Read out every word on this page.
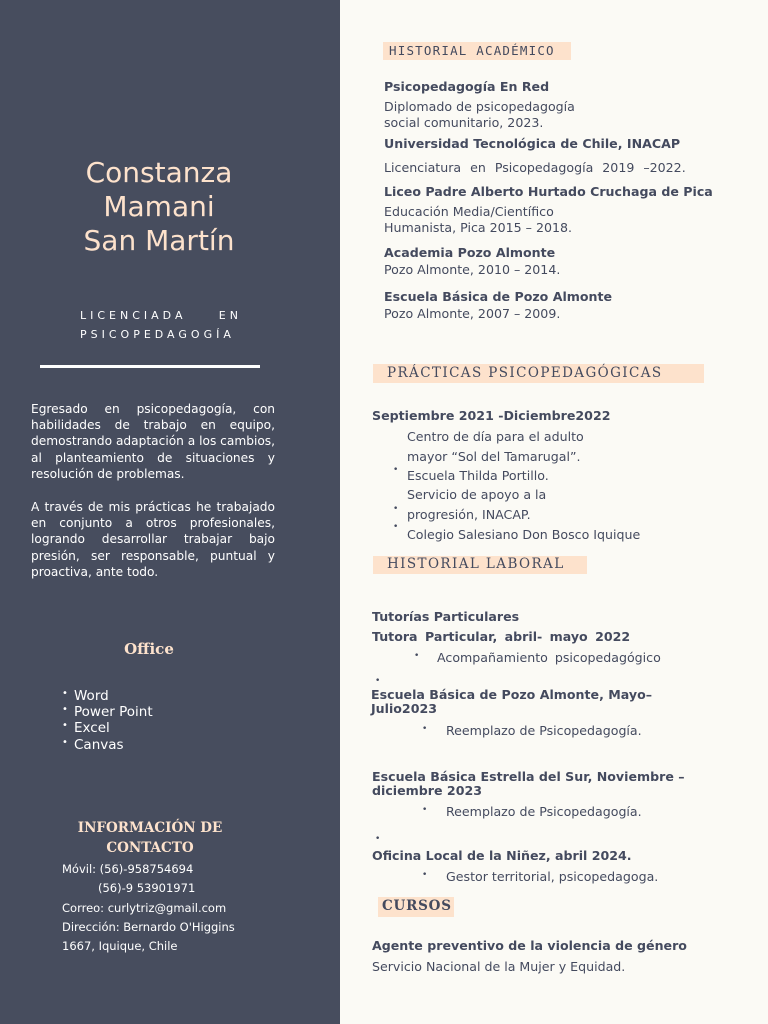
Constanza
Mamani
San Martín
LICENCIADA EN
PSICOPEDAGOGÍA

Egresado en psicopedagogía, con habilidades de trabajo en equipo, demostrando adaptación a los cambios, al planteamiento de situaciones y resolución de problemas.

A través de mis prácticas he trabajado en conjunto a otros profesionales, logrando desarrollar trabajar bajo presión, ser responsable, puntual y proactiva, ante todo.

Office
• Word
• Power Point
• Excel
• Canvas
INFORMACIÓN DE
CONTACTO
Móvil: (56)-958754694
(56)-9 53901971
Correo: curlytriz@gmail.com
Dirección: Bernardo O'Higgins
1667, Iquique, Chile
HISTORIAL ACADÉMICO
Psicopedagogía En Red
Diplomado de psicopedagogía
social comunitario, 2023.
Universidad Tecnológica de Chile, INACAP
Licenciatura en Psicopedagogía 2019 –2022.
Liceo Padre Alberto Hurtado Cruchaga de Pica
Educación Media/Científico
Humanista, Pica 2015 – 2018.
Academia Pozo Almonte
Pozo Almonte, 2010 – 2014.
Escuela Básica de Pozo Almonte
Pozo Almonte, 2007 – 2009.
PRÁCTICAS PSICOPEDAGÓGICAS
Septiembre 2021 -Diciembre2022
Centro de día para el adulto
mayor “Sol del Tamarugal”.
• Escuela Thilda Portillo.
Servicio de apoyo a la
• progresión, INACAP.
• Colegio Salesiano Don Bosco Iquique
HISTORIAL LABORAL
Tutorías Particulares
Tutora Particular, abril- mayo 2022
• Acompañamiento psicopedagógico
•
Escuela Básica de Pozo Almonte, Mayo–
Julio2023
• Reemplazo de Psicopedagogía.
Escuela Básica Estrella del Sur, Noviembre –
diciembre 2023
• Reemplazo de Psicopedagogía.
•
Oficina Local de la Niñez, abril 2024.
• Gestor territorial, psicopedagoga.
CURSOS
Agente preventivo de la violencia de género
Servicio Nacional de la Mujer y Equidad.
